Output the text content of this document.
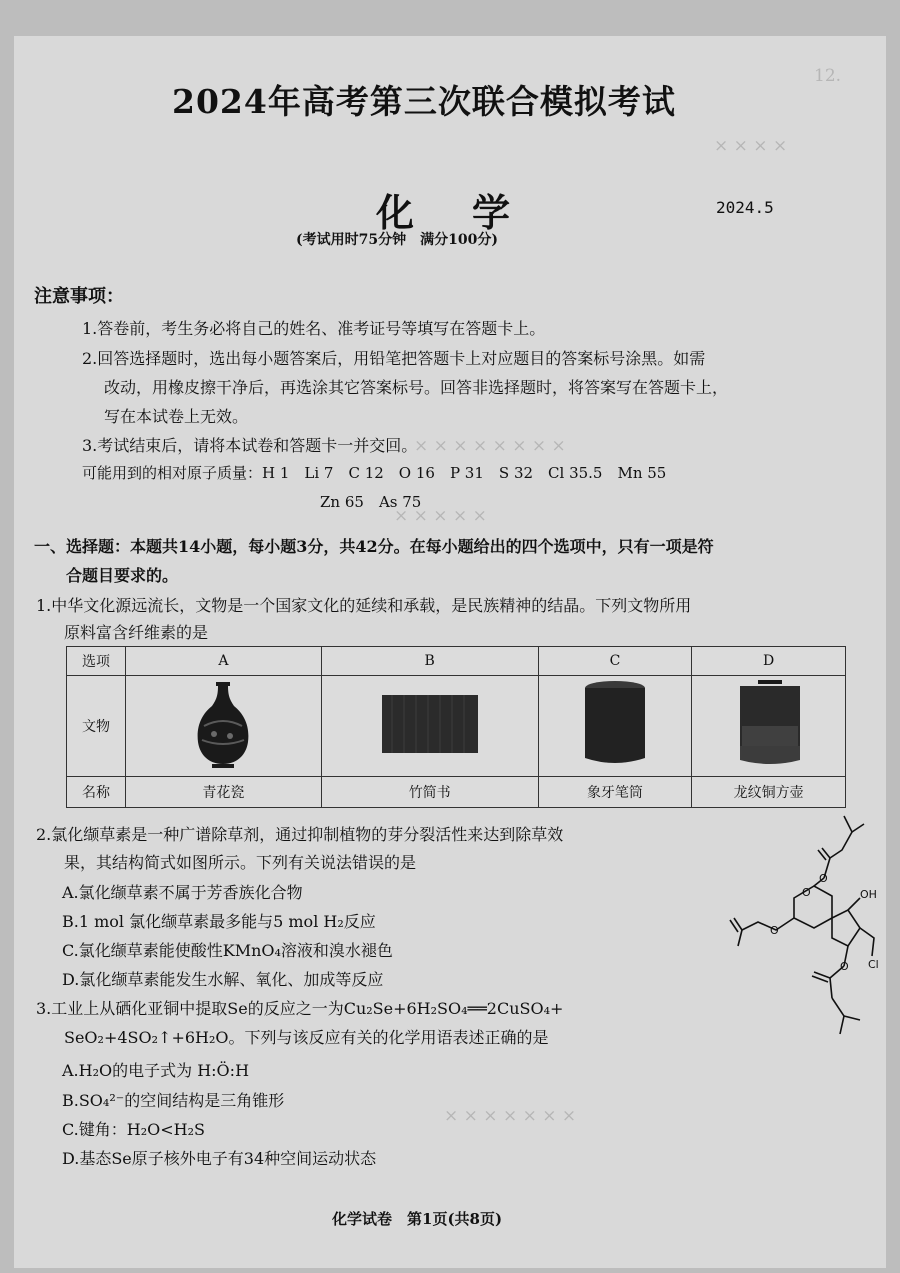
12.
× × × ×
× × × × × × × ×
× × × × ×
× × × × × × ×
2024年高考第三次联合模拟考试
化学	2024.5
(考试用时75分钟　满分100分)
注意事项：
1.答卷前，考生务必将自己的姓名、准考证号等填写在答题卡上。
2.回答选择题时，选出每小题答案后，用铅笔把答题卡上对应题目的答案标号涂黑。如需
改动，用橡皮擦干净后，再选涂其它答案标号。回答非选择题时，将答案写在答题卡上，
写在本试卷上无效。
3.考试结束后，请将本试卷和答题卡一并交回。
可能用到的相对原子质量：H 1　Li 7　C 12　O 16　P 31　S 32　Cl 35.5　Mn 55
Zn 65　As 75
一、选择题：本题共14小题，每小题3分，共42分。在每小题给出的四个选项中，只有一项是符
合题目要求的。
1.中华文化源远流长，文物是一个国家文化的延续和承载，是民族精神的结晶。下列文物所用
原料富含纤维素的是
选项	A	B	C	D
文物				
名称	青花瓷	竹简书	象牙笔筒	龙纹铜方壶
2.氯化缬草素是一种广谱除草剂，通过抑制植物的芽分裂活性来达到除草效
果，其结构简式如图所示。下列有关说法错误的是
A.氯化缬草素不属于芳香族化合物
B.1 mol 氯化缬草素最多能与5 mol H₂反应
C.氯化缬草素能使酸性KMnO₄溶液和溴水褪色
D.氯化缬草素能发生水解、氧化、加成等反应
O
O
O
OH
Cl
O
3.工业上从硒化亚铜中提取Se的反应之一为Cu₂Se+6H₂SO₄══2CuSO₄+
SeO₂+4SO₂↑+6H₂O。下列与该反应有关的化学用语表述正确的是
A.H₂O的电子式为 H:Ö:H
B.SO₄²⁻的空间结构是三角锥形
C.键角：H₂O<H₂S
D.基态Se原子核外电子有34种空间运动状态
化学试卷　第1页(共8页)
